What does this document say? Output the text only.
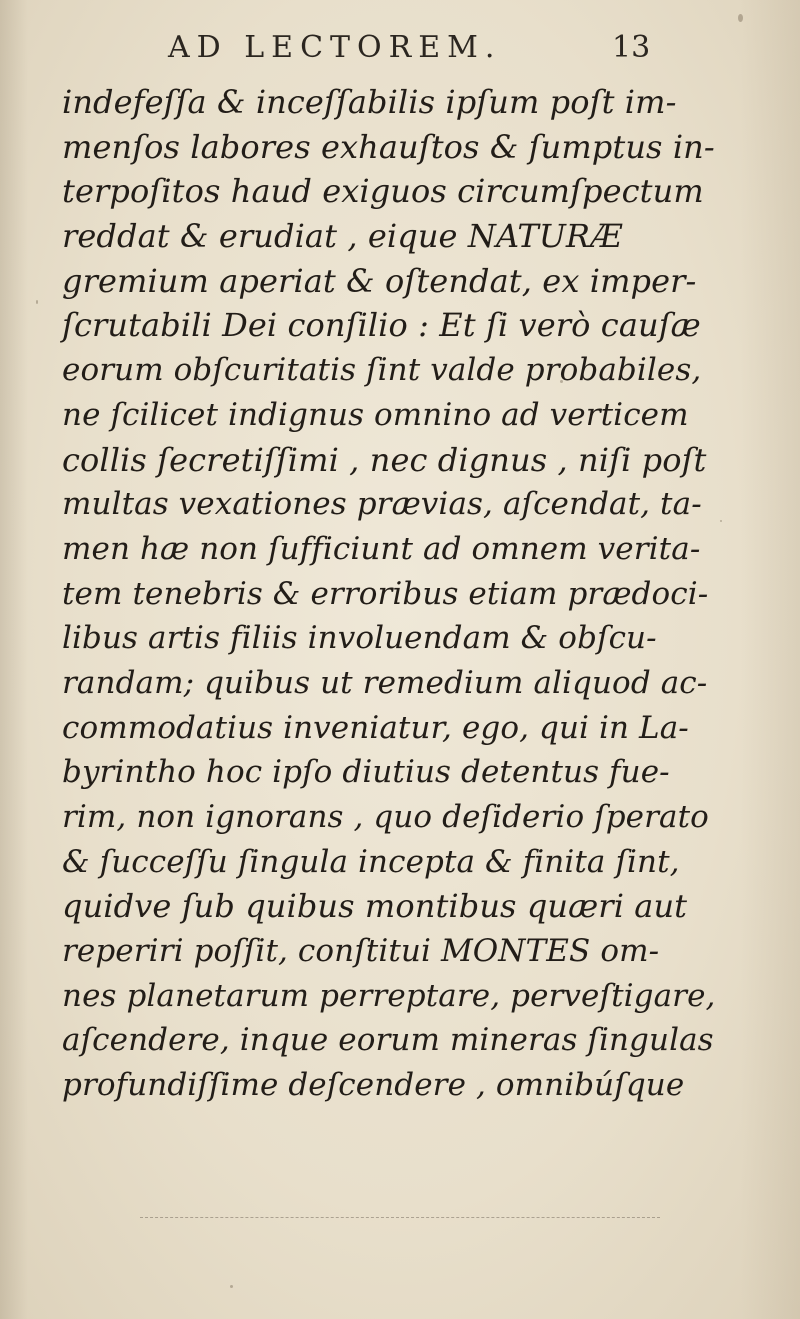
AD LECTOREM.	13
indefeſſa & inceſſabilis ipſum poſt im-
menſos labores exhauſtos & ſumptus in-
terpoſitos haud exiguos circumſpectum
reddat & erudiat , eique NATURÆ
gremium aperiat & oſtendat, ex imper-
ſcrutabili Dei conſilio : Et ſi verò cauſæ
eorum obſcuritatis ſint valde probabiles,
ne ſcilicet indignus omnino ad verticem
collis ſecretiſſimi , nec dignus , niſi poſt
multas vexationes prævias, aſcendat, ta-
men hæ non ſufficiunt ad omnem verita-
tem tenebris & erroribus etiam prædoci-
libus artis filiis involuendam & obſcu-
randam; quibus ut remedium aliquod ac-
commodatius inveniatur, ego, qui in La-
byrintho hoc ipſo diutius detentus fue-
rim, non ignorans , quo deſiderio ſperato
& ſucceſſu ſingula incepta & finita ſint,
quidve ſub quibus montibus quæri aut
reperiri poſſit, conſtitui MONTES om-
nes planetarum perreptare, perveſtigare,
aſcendere, inque eorum mineras ſingulas
profundiſſime deſcendere , omnibúſque
